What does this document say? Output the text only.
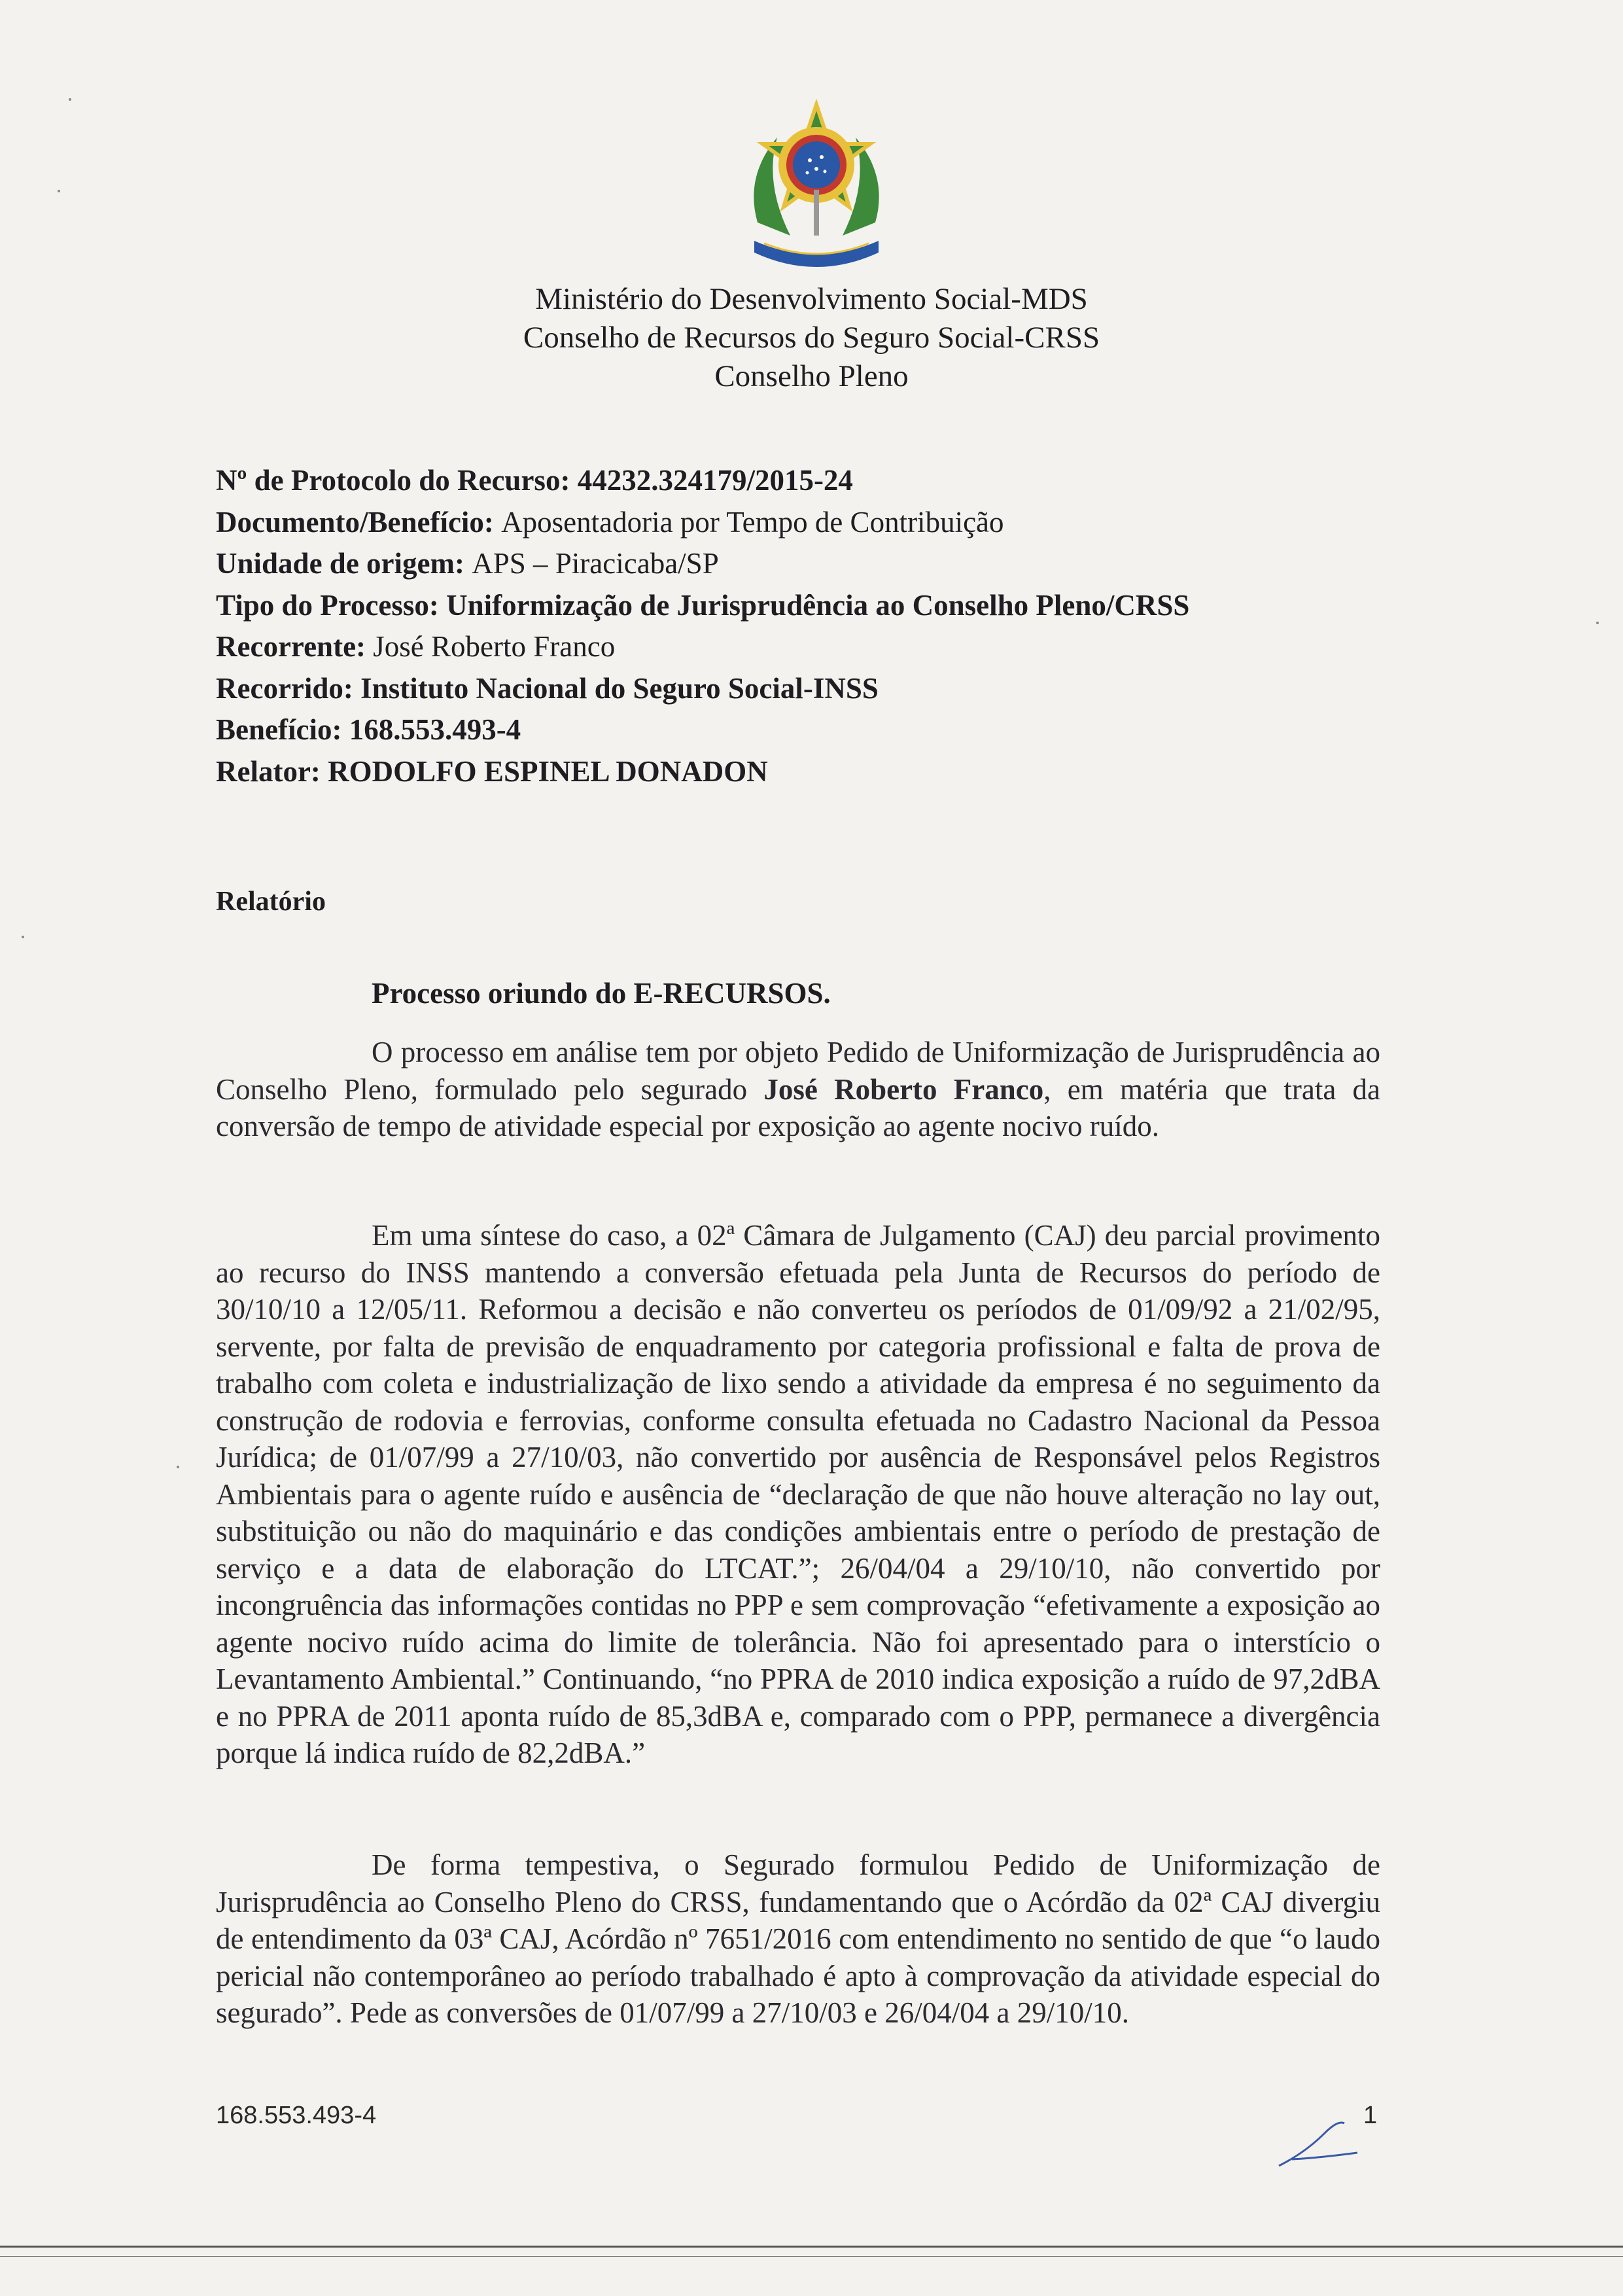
Ministério do Desenvolvimento Social-MDS
Conselho de Recursos do Seguro Social-CRSS
Conselho Pleno
Nº de Protocolo do Recurso: 44232.324179/2015-24
Documento/Benefício: Aposentadoria por Tempo de Contribuição
Unidade de origem: APS – Piracicaba/SP
Tipo do Processo: Uniformização de Jurisprudência ao Conselho Pleno/CRSS
Recorrente: José Roberto Franco
Recorrido: Instituto Nacional do Seguro Social-INSS
Benefício: 168.553.493-4
Relator: RODOLFO ESPINEL DONADON
Relatório
Processo oriundo do E-RECURSOS.

O processo em análise tem por objeto Pedido de Uniformização de Jurisprudência ao Conselho Pleno, formulado pelo segurado José Roberto Franco, em matéria que trata da conversão de tempo de atividade especial por exposição ao agente nocivo ruído.

Em uma síntese do caso, a 02ª Câmara de Julgamento (CAJ) deu parcial provimento ao recurso do INSS mantendo a conversão efetuada pela Junta de Recursos do período de 30/10/10 a 12/05/11. Reformou a decisão e não converteu os períodos de 01/09/92 a 21/02/95, servente, por falta de previsão de enquadramento por categoria profissional e falta de prova de trabalho com coleta e industrialização de lixo sendo a atividade da empresa é no seguimento da construção de rodovia e ferrovias, conforme consulta efetuada no Cadastro Nacional da Pessoa Jurídica; de 01/07/99 a 27/10/03, não convertido por ausência de Responsável pelos Registros Ambientais para o agente ruído e ausência de “declaração de que não houve alteração no lay out, substituição ou não do maquinário e das condições ambientais entre o período de prestação de serviço e a data de elaboração do LTCAT.”; 26/04/04 a 29/10/10, não convertido por incongruência das informações contidas no PPP e sem comprovação “efetivamente a exposição ao agente nocivo ruído acima do limite de tolerância. Não foi apresentado para o interstício o Levantamento Ambiental.” Continuando, “no PPRA de 2010 indica exposição a ruído de 97,2dBA e no PPRA de 2011 aponta ruído de 85,3dBA e, comparado com o PPP, permanece a divergência porque lá indica ruído de 82,2dBA.”

De forma tempestiva, o Segurado formulou Pedido de Uniformização de Jurisprudência ao Conselho Pleno do CRSS, fundamentando que o Acórdão da 02ª CAJ divergiu de entendimento da 03ª CAJ, Acórdão nº 7651/2016 com entendimento no sentido de que “o laudo pericial não contemporâneo ao período trabalhado é apto à comprovação da atividade especial do segurado”. Pede as conversões de 01/07/99 a 27/10/03 e 26/04/04 a 29/10/10.

168.553.493-4	1
